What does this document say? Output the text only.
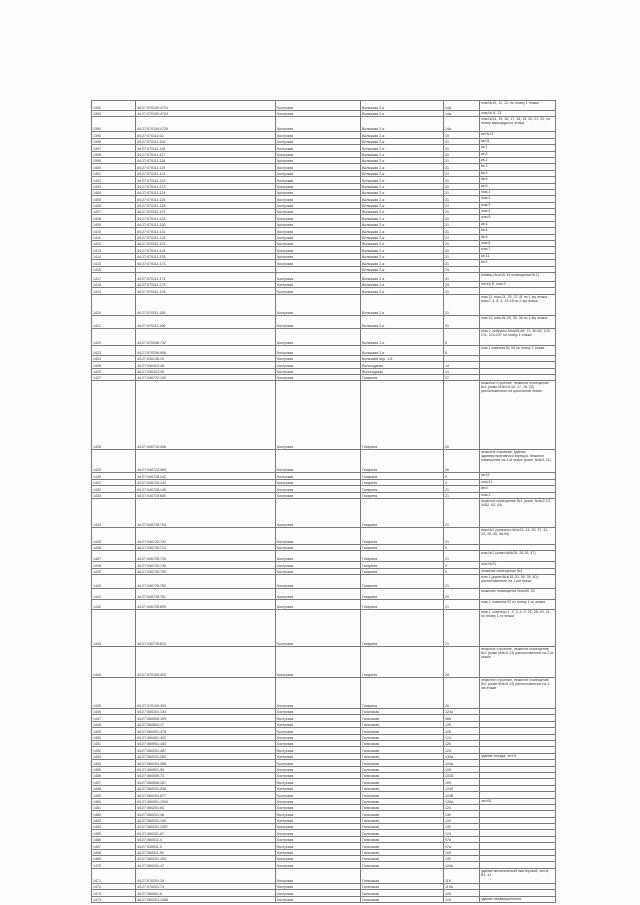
1392	44:27:070109:4723	Кострома	Волжская 2-я	14а	пом.№10, 11, 12, по плану 1 этажа
1393	44:27:070109:4724	Кострома	Волжская 2-я	14а	пом.№ 6, 13
1394	44:27:070109:4725	Кострома	Волжская 2-я	14а	пом.№14, 15, 16, 17, 18, 19, 20, 21, 22, по плану мансардного этажа
1395	44:27:070111:63	Кострома	Волжская 2-я	19	кв.№13
1396	44:27:070111:110	Кострома	Волжская 2-я	31	кв.01
1397	44:27:070111:115	Кострома	Волжская 2-я	31	кв.1
1398	44:27:070111:117	Кострома	Волжская 2-я	31	кв.2
1399	44:27:070111:118	Кострома	Волжская 2-я	31	кв.2
1400	44:27:070111:119	Кострома	Волжская 2-я	31	кв.3
1401	44:27:070111:121	Кострома	Волжская 2-я	31	кв.4
1402	44:27:070111:122	Кострома	Волжская 2-я	31	кв.5
1403	44:27:070111:123	Кострома	Волжская 2-я	31	кв.6
1404	44:27:070111:124	Кострома	Волжская 2-я	31	пом.1
1405	44:27:070111:125	Кострома	Волжская 2-я	31	пом.2
1406	44:27:070111:126	Кострома	Волжская 2-я	31	пом.3
1407	44:27:070111:127	Кострома	Волжская 2-я	31	пом.4
1408	44:27:070111:128	Кострома	Волжская 2-я	31	пом.5
1409	44:27:070111:130	Кострома	Волжская 2-я	31	кв.3
1410	44:27:070111:131	Кострома	Волжская 2-я	31	кв.4
1411	44:27:070111:132	Кострома	Волжская 2-я	31	кв.5
1412	44:27:070111:133	Кострома	Волжская 2-я	31	пом.6
1413	44:27:070111:134	Кострома	Волжская 2-я	31	пом.7
1414	44:27:070111:135	Кострома	Волжская 2-я	31	кв.11
1415	44:27:070111:173	Кострома	Волжская 2-я	31	кв.2
1416			Волжская 2-я	25	
1417	44:27:070111:174	Кострома	Волжская 2-я	31	помещ.№№30-34 помещения №11
1418	44:27:070111:175	Кострома	Волжская 2-я	25	литер Б, пом.3
1419	44:27:070111:176	Кострома	Волжская 2-я	31	
1420	44:27:070111:165	Кострома	Волжская 2-я	31	пом.11, пом.24, 25, 37-41 по 1-му этажа, пом.2, 4, 8, 9, 13-16 по 2-му этажа
1421	44:27:070111:166	Кострома	Волжская 2-я	31	пом.11, пом.26-29, 35, 36 по 1-му этажа
1422	44:27:070206:732	Кострома	Волжская 2-я	8	пом.1, комнаты №№65-68, 71, 80-82, 100, 211, 224-247 по плану 1 этажа
1423	44:27:070206:908	Кострома	Волжская 2-я	8	пом.1 комната № 34 по плану 1 этажа
1424	44:27:030135:10	Кострома	Волжский пер. 1-й		
1425	44:27:040423:48	Кострома	Вологодская	14	
1426	44:27:040423:49	Кострома	Вологодская	14	
1427	44:27:040722:109	Кострома	Гагарина	37	
1428	44:27:040715:456	Кострома	Гагарина	26	нежилое строение, нежилое помещение №1 (комн.№№10-18, 17, 18, 20) расположенное на цокольном этаже
1429	44:27:040723:465	Кострома	Гагарина	26	нежилое строение, здание административного корпуса, нежилое помещение на 2-м этаже (комн. №№1-11)
1430	44:27:040725:142	Кострома	Гагарина	9	кв.42
1431	44:27:040725:144	Кострома	Гагарина	9	пом.21
1432	44:27:040725:145	Кострома	Гагарина	21	кв.5
1433	44:27:040725:650	Кострома	Гагарина	21	пом.1
1434	44:27:040725:704	Кострома	Гагарина	21	нежилое помещение №1 (комн. №№2-13, 4452, 43, 44)
1435	44:27:040725:702	Кострома	Гагарина	21	пом.№1 (комнаты №№23, 24, 25, 37, 42, 43, 45, 46, 46-50)
1436	44:27:040725:714	Кострома	Гагарина	9	
1437	44:27:040725:720	Кострома	Гагарина	21	пом.№1 (комн.№№26, 28-35, 47)
1438	44:27:040725:740	Кострома	Гагарина	9	пом №20
1439	44:27:040725:750	Кострома	Гагарина	9	нежилое помещение №1
1440	44:27:040725:762	Кострома	Гагарина	21	пом.1 (комн.№№18-20, 36, 39, 40), расположенное на 1-ом этаже
1441	44:27:040725:781	Кострома	Гагарина	19	нежилые помещения №№50, 51
1442	44:27:040725:809	Кострома	Гагарина	21	пом.1, комната 33 по плану 1-го этажа
1443	44:27:040725:810	Кострома	Гагарина	21	пом.1, комнаты 1, 2, 3, 4, 9, 21, 28, 40, 41 по плану 1-го этажа
1444	44:27:070109:403	Кострома	Гагарина	28	нежилое строение, нежилое помещение №1 (комн.№№9-13) расположенное на 2-м этаже
1445	44:27:070109:403	Кострома	Гагарина	28	нежилое строение, нежилое помещение №1 (комн.№№9-13) расположенное на 1-ом этаже
1446	44:27:060201:144	Кострома	Галичская	124а	
1447	44:27:060505:109	Кострома	Галичская	98а	
1448	44:27:060802:17	Кострома	Галичская	129	
1449	44:27:060901:478	Кострома	Галичская	126	
1450	44:27:060401:402	Кострома	Галичская	124	
1451	44:27:060901:163	Кострома	Галичская	126	
1452	44:27:060201:487	Кострома	Галичская	124	
1453	44:27:060201:284	Кострома	Галичская	130а	здание склада, лит.Н
1454	44:27:060201:388	Кострома	Галичская	124а	
1455	44:27:060901:95	Кострома	Галичская	126	
1456	44:27:060505:73	Кострома	Галичская	101Б	
1457	44:27:060506:157	Кострома	Галичская	100	
1458	44:27:060201:538	Кострома	Галичская	124б	
1459	44:27:060201:877	Кострома	Галичская	124В	
1460	44:27:060901:1094	Кострома	Галичская	126а	лит.В1
1461	44:27:060201:63	Кострома	Галичская	124	
1462	44:27:060201:38	Кострома	Галичская	130	
1463	44:27:060201:196	Кострома	Галичская	124	
1464	44:27:060201:1397	Кострома	Галичская	130	
1465	44:27:060201:67	Кострома	Галичская	124	
1466	44:27:060511:4	Кострома	Галичская	97а	
1467	44:27:040511:3	Кострома	Галичская	97а	
1468	44:27:060511:50	Кострома	Галичская	100	
1469	44:27:060201:109	Кострома	Галичская	130	
1470	44:27:060201:47	Кострома	Галичская	124а	
1471	44:27:070201:19	Кострома	Галичская	119	здание механической мастерской, лит.А, В1, 41
1472	44:27:070201:74	Кострома	Галичская	119а	
1473	44:27:050501:8	Кострома	Галичская	129	
1474	44:27:060201:1058	Кострома	Галичская	124	здание незавершенного
